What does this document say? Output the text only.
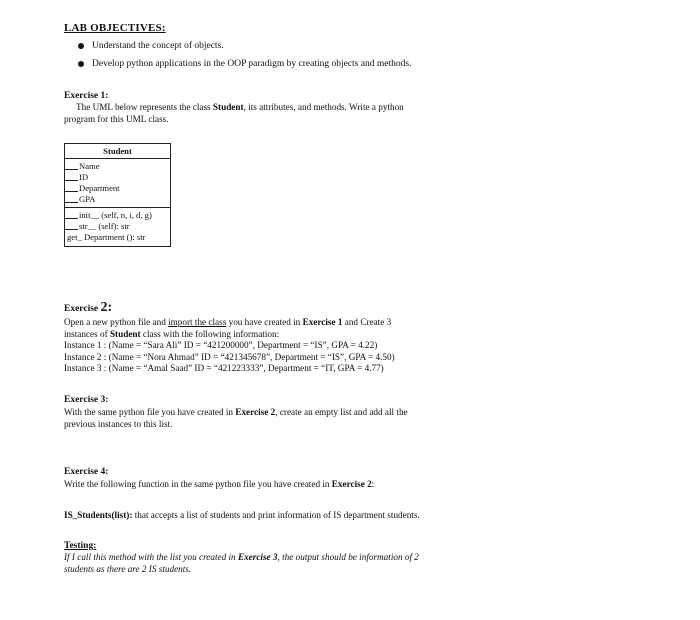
LAB OBJECTIVES:
Understand the concept of objects.
Develop python applications in the OOP paradigm by creating objects and methods.
Exercise 1:
The UML below represents the class Student, its attributes, and methods. Write a python
program for this UML class.
Student
Name
ID
Department
GPA
init__ (self, n, i, d, g)
str__ (self): str
get_ Department (): str
Exercise 2:
Open a new python file and import the class you have created in Exercise 1 and Create 3
instances of Student class with the following information:
Instance 1 : (Name = “Sara Ali” ID = “421200000”, Department = “IS”, GPA = 4.22)
Instance 2 : (Name = “Nora Ahmad” ID = “421345678”, Department = “IS”, GPA = 4.50)
Instance 3 : (Name = “Amal Saad” ID = “421223333”, Department = “IT, GPA = 4.77)
Exercise 3:
With the same python file you have created in Exercise 2, create an empty list and add all the
previous instances to this list.
Exercise 4:
Write the following function in the same python file you have created in Exercise 2:
IS_Students(list): that accepts a list of students and print information of IS department students.
Testing:
If I call this method with the list you created in Exercise 3, the output should be information of 2
students as there are 2 IS students.
